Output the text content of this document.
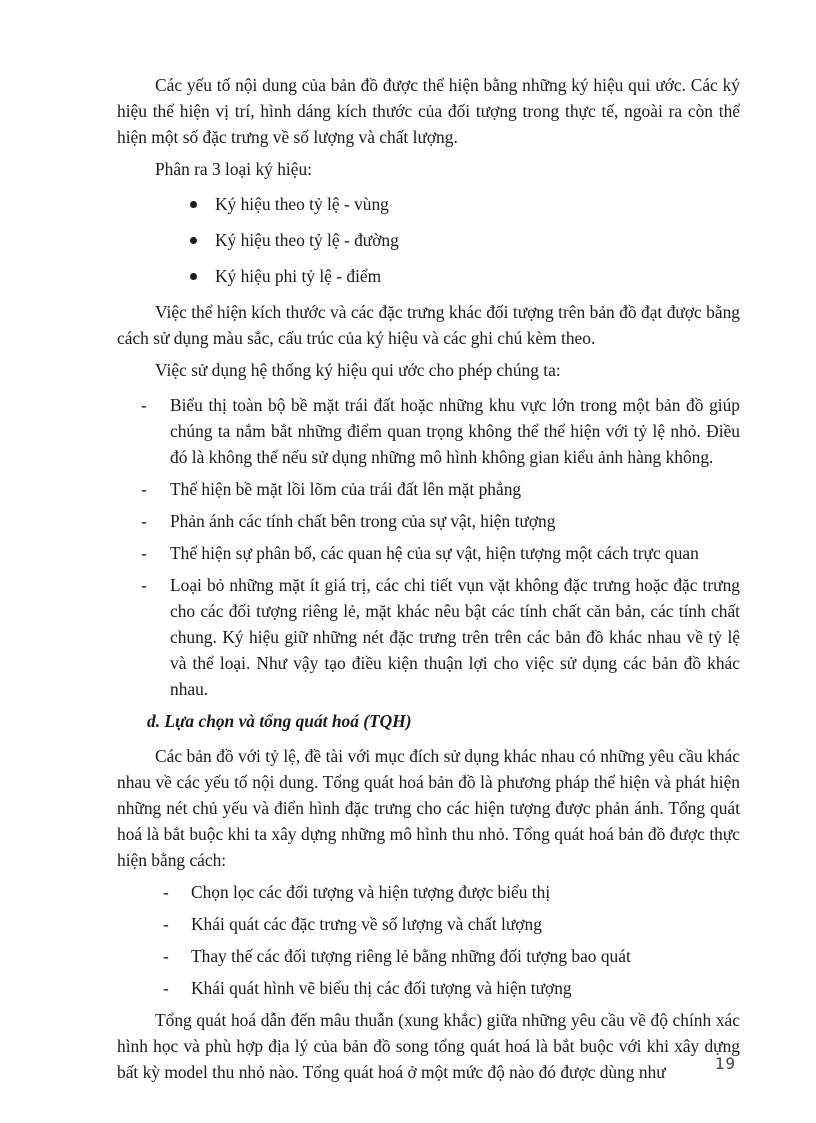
Các yếu tố nội dung của bản đồ được thể hiện bằng những ký hiệu qui ước. Các ký hiệu thể hiện vị trí, hình dáng kích thước của đối tượng trong thực tế, ngoài ra còn thể hiện một số đặc trưng về số lượng và chất lượng.

Phân ra 3 loại ký hiệu:

Ký hiệu theo tỷ lệ - vùng
Ký hiệu theo tỷ lệ - đường
Ký hiệu phi tỷ lệ - điểm

Việc thể hiện kích thước và các đặc trưng khác đối tượng trên bản đồ đạt được bằng cách sử dụng màu sắc, cấu trúc của ký hiệu và các ghi chú kèm theo.

Việc sử dụng hệ thống ký hiệu qui ước cho phép chúng ta:

- Biểu thị toàn bộ bề mặt trái đất hoặc những khu vực lớn trong một bản đồ giúp chúng ta nắm bắt những điểm quan trọng không thể thể hiện với tỷ lệ nhỏ. Điều đó là không thể nếu sử dụng những mô hình không gian kiểu ảnh hàng không.
- Thể hiện bề mặt lồi lõm của trái đất lên mặt phẳng
- Phản ánh các tính chất bên trong của sự vật, hiện tượng
- Thể hiện sự phân bố, các quan hệ của sự vật, hiện tượng một cách trực quan
- Loại bỏ những mặt ít giá trị, các chi tiết vụn vặt không đặc trưng hoặc đặc trưng cho các đối tượng riêng lẻ, mặt khác nêu bật các tính chất căn bản, các tính chất chung. Ký hiệu giữ những nét đặc trưng trên trên các bản đồ khác nhau về tỷ lệ và thể loại. Như vậy tạo điều kiện thuận lợi cho việc sử dụng các bản đồ khác nhau.

d. Lựa chọn và tổng quát hoá (TQH)

Các bản đồ với tỷ lệ, đề tài với mục đích sử dụng khác nhau có những yêu cầu khác nhau về các yếu tố nội dung. Tổng quát hoá bản đồ là phương pháp thể hiện và phát hiện những nét chủ yếu và điển hình đặc trưng cho các hiện tượng được phản ánh. Tổng quát hoá là bắt buộc khi ta xây dựng những mô hình thu nhỏ. Tổng quát hoá bản đồ được thực hiện bằng cách:

- Chọn lọc các đối tượng và hiện tượng được biểu thị
- Khái quát các đặc trưng về số lượng và chất lượng
- Thay thế các đối tượng riêng lẻ bằng những đối tượng bao quát
- Khái quát hình vẽ biểu thị các đối tượng và hiện tượng

Tổng quát hoá dẫn đến mâu thuẫn (xung khắc) giữa những yêu cầu về độ chính xác hình học và phù hợp địa lý của bản đồ song tổng quát hoá là bắt buộc với khi xây dựng bất kỳ model thu nhỏ nào. Tổng quát hoá ở một mức độ nào đó được dùng như	19
